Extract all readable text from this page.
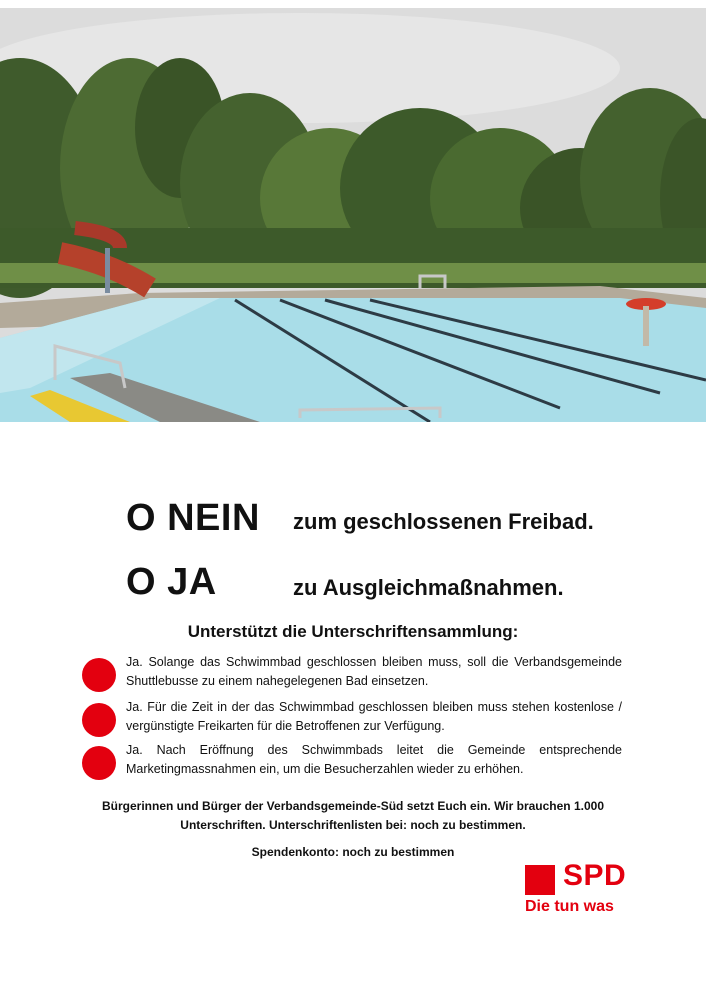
O NEIN zum geschlossenen Freibad.
O JA	zu Ausgleichmaßnahmen.
Unterstützt die Unterschriftensammlung:
Ja. Solange das Schwimmbad geschlossen bleiben muss, soll die Verbandsgemeinde Shuttlebusse zu einem nahegelegenen Bad einsetzen.
Ja. Für die Zeit in der das Schwimmbad geschlossen bleiben muss stehen kostenlose / vergünstigte Freikarten für die Betroffenen zur Verfügung.
Ja. Nach Eröffnung des Schwimmbads leitet die Gemeinde entsprechende Marketingmassnahmen ein, um die Besucherzahlen wieder zu erhöhen.
Bürgerinnen und Bürger der Verbandsgemeinde-Süd setzt Euch ein. Wir brauchen 1.000
Unterschriften. Unterschriftenlisten bei: noch zu bestimmen.
Spendenkonto: noch zu bestimmen
SPD
Die tun was
